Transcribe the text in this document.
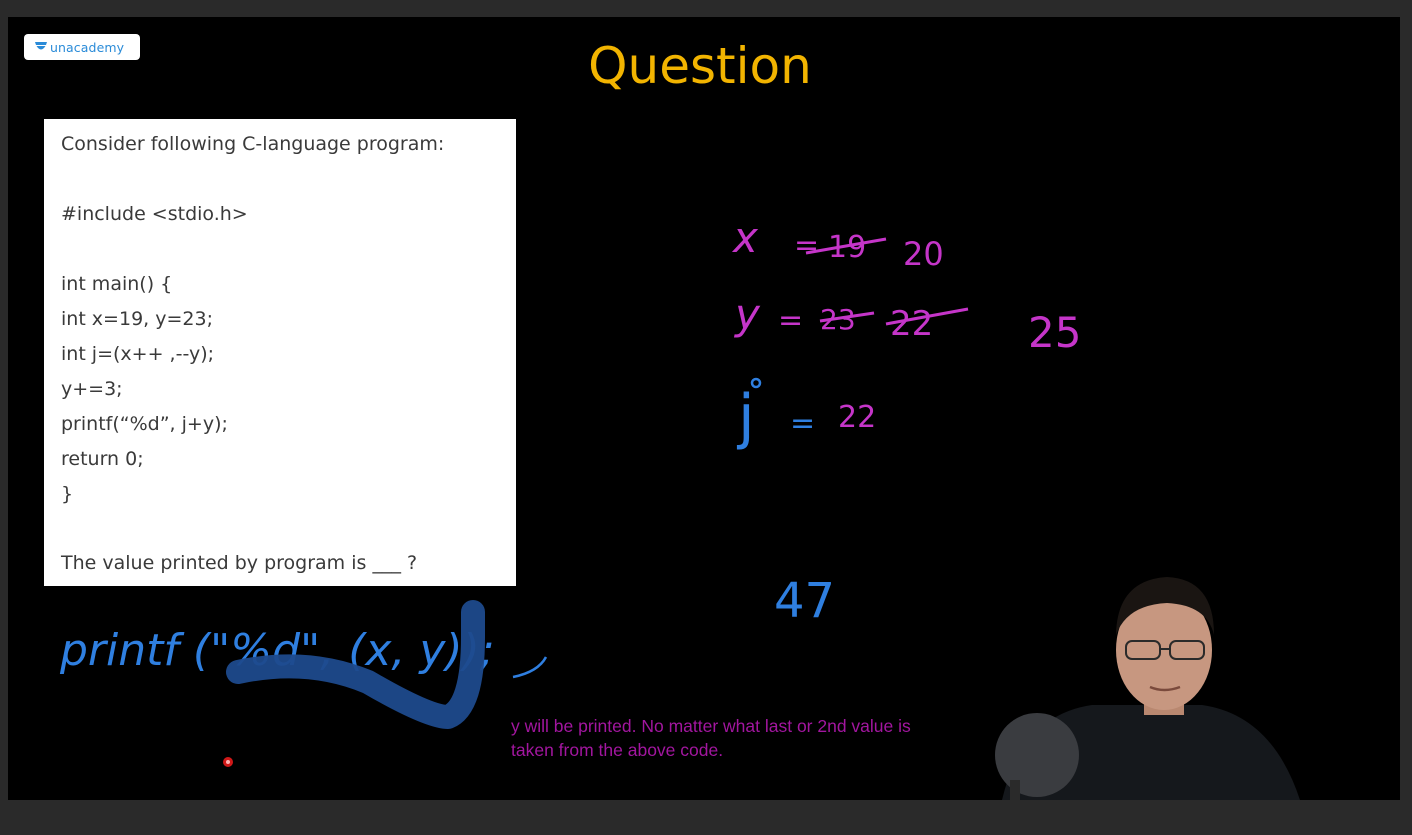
unacademy	Question
Consider following C-language program:
#include <stdio.h>
int main() {
int x=19, y=23;
int j=(x++ ,--y);
y+=3;
printf(“%d”, j+y);
return 0;
}
The value printed by program is ___ ?
x = 19 20
y = 23 22 25
22
j =
47
printf ("%d", (x, y));
y will be printed. No matter what last or 2nd value is
taken from the above code.
